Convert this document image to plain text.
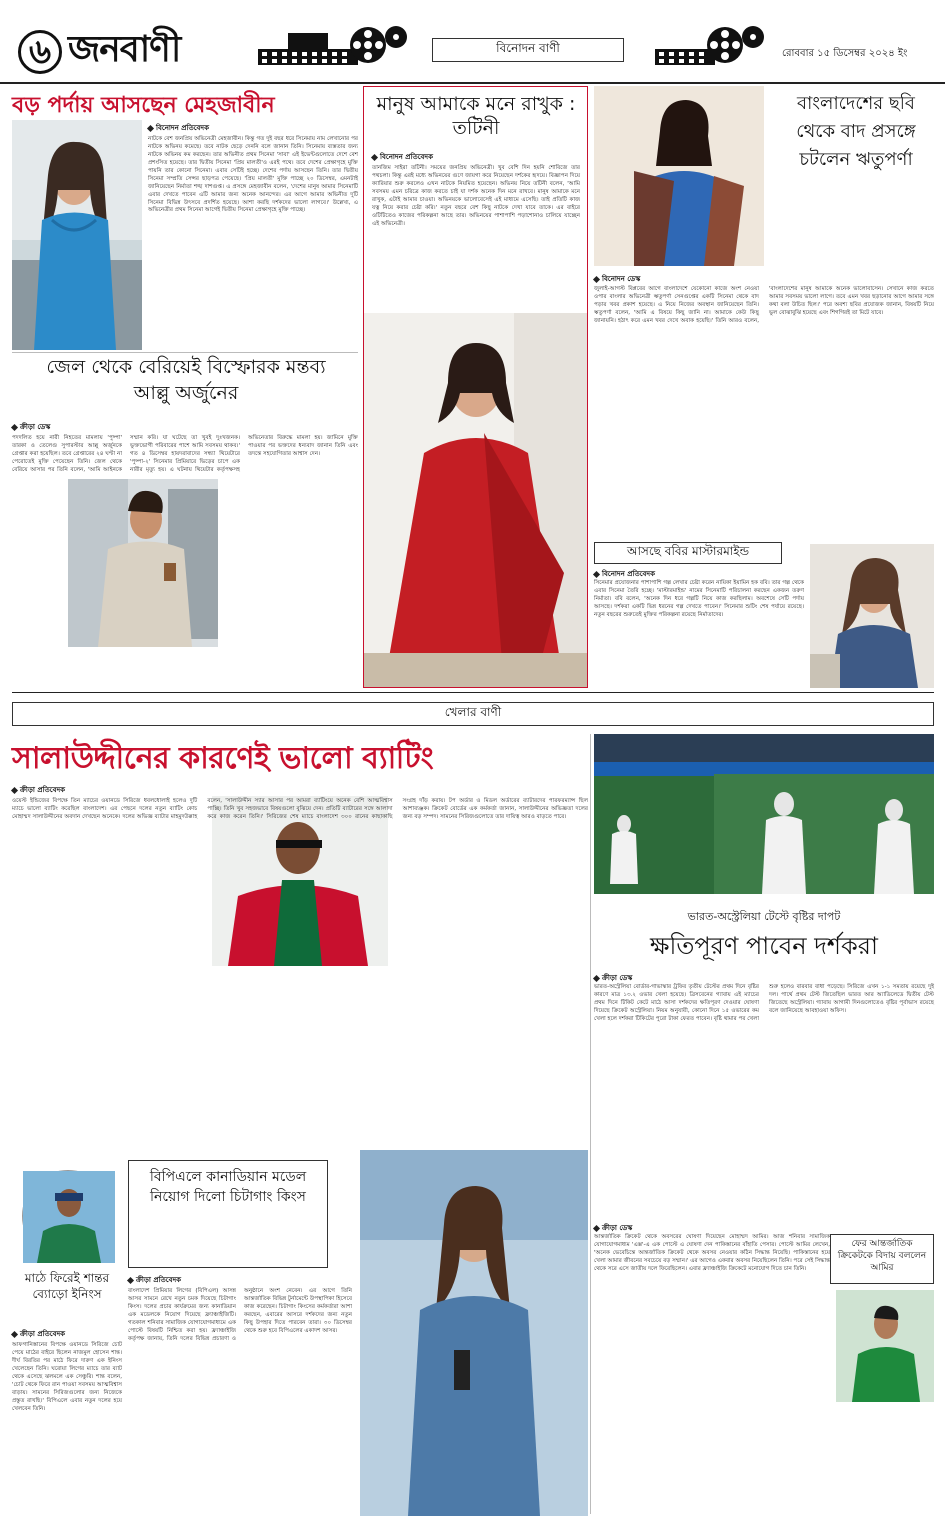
৬ জনবাণী	বিনোদন বাণী	রোববার ১৫ ডিসেম্বর ২০২৪ ইং
বড় পর্দায় আসছেন মেহজাবীন
বিনোদন প্রতিবেদক
নাটকে বেশ জনপ্রিয় অভিনেত্রী মেহজাবীন। কিন্তু গত দুই বছর ধরে সিনেমায় নাম লেখানোর পর নাটকে অভিনয় কমেছে। তবে নাটক ছেড়ে দেননি বলে জানান তিনি। সিনেমায় ব্যস্ততার জন্য নাটকে অভিনয় কম করছেন। তার অভিনীত প্রথম সিনেমা 'সাবা' এই ইভেন্টগুলোতে দেশে বেশ প্রশংসিত হয়েছে। তার দ্বিতীয় সিনেমা 'প্রিয় মালতী'ও এরই পথে। তবে দেশের প্রেক্ষাগৃহে মুক্তি পায়নি তার কোনো সিনেমা। এবার সেটিই হচ্ছে। দেশের পর্দায় আসছেন তিনি। তার দ্বিতীয় সিনেমা সম্প্রতি সেন্সর ছাড়পত্র পেয়েছে। 'প্রিয় মালতী' মুক্তি পাচ্ছে ২০ ডিসেম্বর, এমনটাই জানিয়েছেন নির্মাতা শঙ্খ দাশগুপ্ত। এ প্রসঙ্গে মেহজাবীন বলেন, 'দেশের মানুষ আমার সিনেমাটি এবার দেখতে পাবেন এটি আমার জন্য অনেক আনন্দের। এর আগে আমার অভিনীত দুটি সিনেমা বিভিন্ন উৎসবে প্রদর্শিত হয়েছে। আশা করছি দর্শকদের ভালো লাগবে।' উল্লেখ্য, এ অভিনেত্রীর প্রথম সিনেমা আগেই দ্বিতীয় সিনেমা প্রেক্ষাগৃহে মুক্তি পাচ্ছে।
মানুষ আমাকে মনে রাখুক : তটিনী
বিনোদন প্রতিবেদক
তানজিম সাইরা তটিনী। সময়ের জনপ্রিয় অভিনেত্রী। খুব বেশি দিন হয়নি শোবিজে তার পথচলা। কিন্তু এরই মধ্যে অভিনয়ের গুণে জায়গা করে নিয়েছেন দর্শকের হৃদয়ে। বিজ্ঞাপন দিয়ে ক্যারিয়ার শুরু করলেও এখন নাটকে নিয়মিত হয়েছেন। অভিনয় নিয়ে তটিনী বলেন, 'আমি সবসময় এমন চরিত্রে কাজ করতে চাই যা দর্শক অনেক দিন মনে রাখবে। মানুষ আমাকে মনে রাখুক, এটাই আমার চাওয়া। অভিনয়কে ভালোবেসেই এই মাধ্যমে এসেছি। তাই প্রতিটি কাজ যত্ন নিয়ে করার চেষ্টা করি।' নতুন বছরে বেশ কিছু নাটকে দেখা যাবে তাকে। এর বাইরে ওটিটিতেও কাজের পরিকল্পনা আছে তার। অভিনয়ের পাশাপাশি পড়াশোনাও চালিয়ে যাচ্ছেন এই অভিনেত্রী।
বাংলাদেশের ছবি থেকে বাদ প্রসঙ্গে চটলেন ঋতুপর্ণা
বিনোদন ডেস্ক
জুলাই-আগস্ট বিপ্লবের আগে বাংলাদেশে যেকোনো কাজে অংশ নেওয়া ওপার বাংলার অভিনেত্রী ঋতুপর্ণা সেনগুপ্তের একটি সিনেমা থেকে বাদ পড়ার খবর প্রকাশ হয়েছে। এ নিয়ে নিজের অবস্থান জানিয়েছেন তিনি। ঋতুপর্ণা বলেন, 'আমি এ বিষয়ে কিছু জানি না। আমাকে কেউ কিছু জানায়নি। হঠাৎ করে এমন খবর দেখে অবাক হয়েছি।' তিনি আরও বলেন, 'বাংলাদেশের মানুষ আমাকে অনেক ভালোবাসেন। সেখানে কাজ করতে আমার সবসময় ভালো লাগে। তবে এমন খবর ছড়ানোর আগে আমার সঙ্গে কথা বলা উচিত ছিল।' পরে অবশ্য ছবির প্রযোজক জানান, বিষয়টি নিয়ে ভুল বোঝাবুঝি হয়েছে এবং শিগগিরই তা মিটে যাবে।
জেল থেকে বেরিয়েই বিস্ফোরক মন্তব্য আল্লু অর্জুনের
ক্রীড়া ডেস্ক
পদদলিত হয়ে নারী নিহতের মামলায় 'পুষ্পা' তারকা ও তেলেগু সুপারস্টার আল্লু অর্জুনকে গ্রেপ্তার করা হয়েছিল। তবে গ্রেপ্তারের ২৪ ঘণ্টা না পেরোতেই মুক্তি পেয়েছেন তিনি। জেল থেকে বেরিয়ে আসার পর তিনি বলেন, 'আমি আইনকে সম্মান করি। যা ঘটেছে তা খুবই দুঃখজনক। ভুক্তভোগী পরিবারের পাশে আমি সবসময় থাকব।' গত ৪ ডিসেম্বর হায়দরাবাদের সন্ধ্যা থিয়েটারে 'পুষ্পা-২' সিনেমার প্রিমিয়ারে ভিড়ের চাপে এক নারীর মৃত্যু হয়। এ ঘটনায় থিয়েটার কর্তৃপক্ষসহ অভিনেতার বিরুদ্ধে মামলা হয়। জামিনে মুক্তি পাওয়ার পর ভক্তদের ধন্যবাদ জানান তিনি এবং তদন্তে সহযোগিতার আশ্বাস দেন।
আসছে ববির মাস্টারমাইন্ড
বিনোদন প্রতিবেদক
সিনেমার প্রযোজনার পাশাপাশি গল্প লেখার চেষ্টা করেন নায়িকা ইয়ামিন হক ববি। তার গল্প থেকে এবার সিনেমা তৈরি হচ্ছে। 'মাস্টারমাইন্ড' নামের সিনেমাটি পরিচালনা করছেন একজন তরুণ নির্মাতা। ববি বলেন, 'অনেক দিন ধরে গল্পটি নিয়ে কাজ করছিলাম। অবশেষে সেটি পর্দায় আসছে। দর্শকরা একটি ভিন্ন ধরনের গল্প দেখতে পাবেন।' সিনেমার শুটিং শেষ পর্যায়ে রয়েছে। নতুন বছরের শুরুতেই মুক্তির পরিকল্পনা রয়েছে নির্মাতাদের।
খেলার বাণী
সালাউদ্দীনের কারণেই ভালো ব্যাটিং
ক্রীড়া প্রতিবেদক
ওয়েস্ট ইন্ডিজের বিপক্ষে তিন ম্যাচের ওয়ানডে সিরিজে ধবলধোলাই হলেও দুটি ম্যাচে ভালো ব্যাটিং করেছিল বাংলাদেশ। এর পেছনে দলের নতুন ব্যাটিং কোচ মোহাম্মদ সালাউদ্দীনের অবদান দেখছেন অনেকে। দলের অভিজ্ঞ ব্যাটার মাহমুদউল্লাহ বলেন, 'সালাউদ্দীন স্যার আসার পর আমরা ব্যাটিংয়ে অনেক বেশি আত্মবিশ্বাস পাচ্ছি। তিনি খুব সহজভাবে বিষয়গুলো বুঝিয়ে দেন। প্রতিটি ব্যাটারের সঙ্গে আলাদা করে কাজ করেন তিনি।' সিরিজের শেষ ম্যাচে বাংলাদেশ ৩০০ রানের কাছাকাছি সংগ্রহ দাঁড় করায়। টপ অর্ডার ও মিডল অর্ডারের ব্যাটারদের পারফরম্যান্স ছিল আশাব্যঞ্জক। ক্রিকেট বোর্ডের এক কর্মকর্তা জানান, সালাউদ্দীনের অভিজ্ঞতা দলের জন্য বড় সম্পদ। সামনের সিরিজগুলোতে তার দায়িত্ব আরও বাড়তে পারে।
ভারত-অস্ট্রেলিয়া টেস্টে বৃষ্টির দাপট
ক্ষতিপূরণ পাবেন দর্শকরা
ক্রীড়া ডেস্ক
ভারত-অস্ট্রেলিয়া বোর্ডার-গাভাস্কার ট্রফির তৃতীয় টেস্টের প্রথম দিনে বৃষ্টির কারণে মাত্র ১৩.২ ওভার খেলা হয়েছে। ব্রিসবেনের গ্যাবায় এই ম্যাচের প্রথম দিনে টিকিট কেটে মাঠে আসা দর্শকদের ক্ষতিপূরণ দেওয়ার ঘোষণা দিয়েছে ক্রিকেট অস্ট্রেলিয়া। নিয়ম অনুযায়ী, কোনো দিনে ১৫ ওভারের কম খেলা হলে দর্শকরা টিকিটের পুরো টাকা ফেরত পাবেন। বৃষ্টি থামার পর খেলা শুরু হলেও বারবার বাধা পড়েছে। সিরিজে এখন ১-১ সমতায় রয়েছে দুই দল। পার্থে প্রথম টেস্ট জিতেছিল ভারত আর অ্যাডিলেডে দ্বিতীয় টেস্ট জিতেছে অস্ট্রেলিয়া। গ্যাবায় আগামী দিনগুলোতেও বৃষ্টির পূর্বাভাস রয়েছে বলে জানিয়েছে আবহাওয়া অফিস।
মাঠে ফিরেই শান্তর ব্যোড়ো ইনিংস
ক্রীড়া প্রতিবেদক
আফগানিস্তানের বিপক্ষে ওয়ানডে সিরিজে চোট পেয়ে মাঠের বাইরে ছিলেন নাজমুল হোসেন শান্ত। দীর্ঘ বিরতির পর মাঠে ফিরে দারুণ এক ইনিংস খেলেছেন তিনি। ঘরোয়া লিগের ম্যাচে তার ব্যাট থেকে এসেছে ঝলমলে এক সেঞ্চুরি। শান্ত বলেন, 'চোট থেকে ফিরে রান পাওয়া সবসময় আত্মবিশ্বাস বাড়ায়। সামনের সিরিজগুলোর জন্য নিজেকে প্রস্তুত রাখছি।' বিপিএলে এবার নতুন দলের হয়ে খেলবেন তিনি।
বিপিএলে কানাডিয়ান মডেল নিয়োগ দিলো চিটাগাং কিংস
ক্রীড়া প্রতিবেদক
বাংলাদেশ প্রিমিয়ার লিগের (বিপিএল) আসন্ন আসর সামনে রেখে নতুন চমক দিয়েছে চিটাগাং কিংস। দলের প্রচার কার্যক্রমের জন্য কানাডিয়ান এক মডেলকে নিয়োগ দিয়েছে ফ্র্যাঞ্চাইজিটি। গতকাল শনিবার সামাজিক যোগাযোগমাধ্যমে এক পোস্টে বিষয়টি নিশ্চিত করা হয়। ফ্র্যাঞ্চাইজি কর্তৃপক্ষ জানায়, তিনি দলের বিভিন্ন প্রচারণা ও অনুষ্ঠানে অংশ নেবেন। এর আগে তিনি আন্তর্জাতিক বিভিন্ন টুর্নামেন্টে উপস্থাপিকা হিসেবে কাজ করেছেন। চিটাগাং কিংসের কর্মকর্তারা আশা করছেন, এবারের আসরে দর্শকদের জন্য নতুন কিছু উপহার দিতে পারবেন তারা। ৩০ ডিসেম্বর থেকে শুরু হবে বিপিএলের একাদশ আসর।
ক্রীড়া ডেস্ক
আন্তর্জাতিক ক্রিকেট থেকে অবসরের ঘোষণা দিয়েছেন মোহাম্মদ আমির। আজ শনিবার সামাজিক যোগাযোগমাধ্যম 'এক্স'-এ এক পোস্টে এ ঘোষণা দেন পাকিস্তানের বাঁহাতি পেসার। পোস্টে আমির লেখেন, 'অনেক ভেবেচিন্তে আন্তর্জাতিক ক্রিকেট থেকে অবসর নেওয়ার কঠিন সিদ্ধান্ত নিয়েছি। পাকিস্তানের হয়ে খেলা আমার জীবনের সবচেয়ে বড় সম্মান।' এর আগেও একবার অবসর নিয়েছিলেন তিনি। পরে সেই সিদ্ধান্ত থেকে সরে এসে জাতীয় দলে ফিরেছিলেন। এবার ফ্র্যাঞ্চাইজি ক্রিকেটে মনোযোগ দিতে চান তিনি।
ফের আন্তর্জাতিক ক্রিকেটকে বিদায় বললেন আমির
